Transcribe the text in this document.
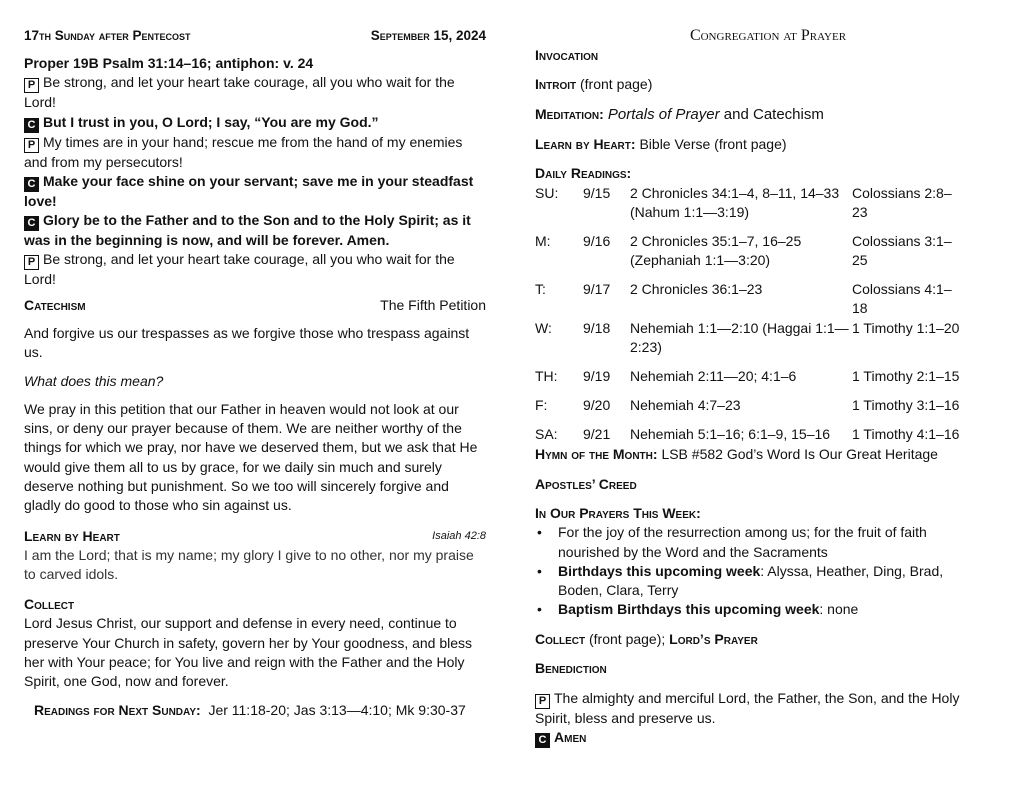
17th Sunday after Pentecost	September 15, 2024
Proper 19B Psalm 31:14–16; antiphon: v. 24
P Be strong, and let your heart take courage, all you who wait for the Lord!
C But I trust in you, O Lord; I say, “You are my God.”
P My times are in your hand; rescue me from the hand of my enemies and from my persecutors!
C Make your face shine on your servant; save me in your steadfast love!
C Glory be to the Father and to the Son and to the Holy Spirit; as it was in the beginning is now, and will be forever. Amen.
P Be strong, and let your heart take courage, all you who wait for the Lord!
Catechism	The Fifth Petition
And forgive us our trespasses as we forgive those who trespass against us.
What does this mean?
We pray in this petition that our Father in heaven would not look at our sins, or deny our prayer because of them. We are neither worthy of the things for which we pray, nor have we deserved them, but we ask that He would give them all to us by grace, for we daily sin much and surely deserve nothing but punishment. So we too will sincerely forgive and gladly do good to those who sin against us.
Learn by Heart	Isaiah 42:8
I am the Lord; that is my name; my glory I give to no other, nor my praise to carved idols.
Collect
Lord Jesus Christ, our support and defense in every need, continue to preserve Your Church in safety, govern her by Your goodness, and bless her with Your peace; for You live and reign with the Father and the Holy Spirit, one God, now and forever.
Readings for Next Sunday:  Jer 11:18-20; Jas 3:13—4:10; Mk 9:30-37
Congregation at Prayer
Invocation
Introit (front page)
Meditation: Portals of Prayer and Catechism
Learn by Heart: Bible Verse (front page)
Daily Readings:
SU:	9/15	2 Chronicles 34:1–4, 8–11, 14–33 (Nahum 1:1—3:19)	Colossians 2:8–23
M:	9/16	2 Chronicles 35:1–7, 16–25 (Zephaniah 1:1—3:20)	Colossians 3:1–25
T:	9/17	2 Chronicles 36:1–23	Colossians 4:1–18
W:	9/18	Nehemiah 1:1—2:10 (Haggai 1:1—2:23)	1 Timothy 1:1–20
TH:	9/19	Nehemiah 2:11—20; 4:1–6	1 Timothy 2:1–15
F:	9/20	Nehemiah 4:7–23	1 Timothy 3:1–16
SA:	9/21	Nehemiah 5:1–16; 6:1–9, 15–16	1 Timothy 4:1–16
Hymn of the Month: LSB #582 God’s Word Is Our Great Heritage
Apostles’ Creed
In Our Prayers This Week:
• For the joy of the resurrection among us; for the fruit of faith nourished by the Word and the Sacraments
• Birthdays this upcoming week: Alyssa, Heather, Ding, Brad, Boden, Clara, Terry
• Baptism Birthdays this upcoming week: none
Collect (front page); Lord’s Prayer
Benediction
P The almighty and merciful Lord, the Father, the Son, and the Holy Spirit, bless and preserve us.
C Amen
